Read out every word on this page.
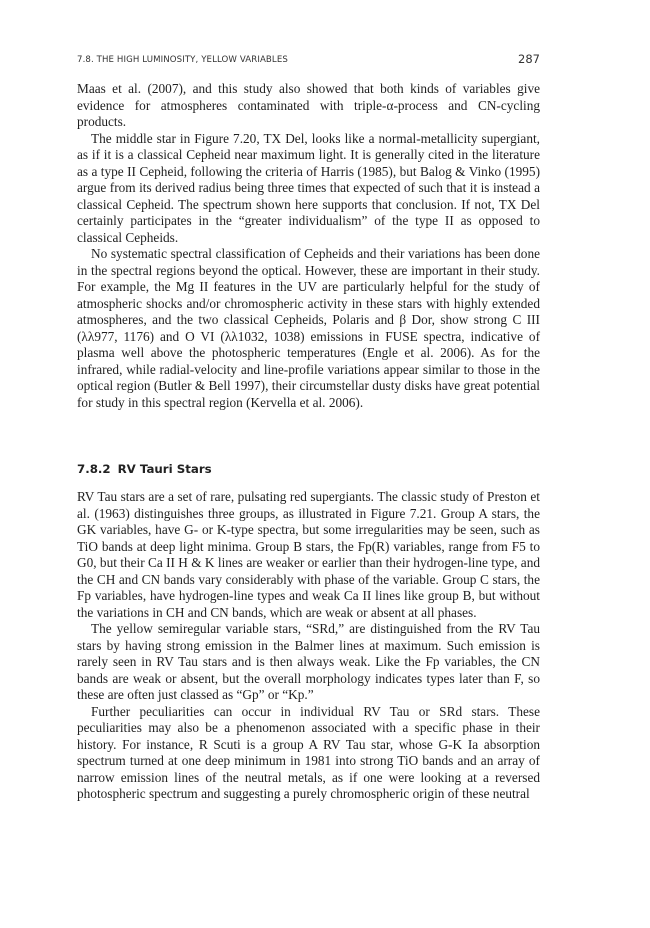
7.8. THE HIGH LUMINOSITY, YELLOW VARIABLES	287

Maas et al. (2007), and this study also showed that both kinds of variables give evidence for atmospheres contaminated with triple-α-process and CN-cycling products.

The middle star in Figure 7.20, TX Del, looks like a normal-metallicity supergiant, as if it is a classical Cepheid near maximum light. It is generally cited in the literature as a type II Cepheid, following the criteria of Harris (1985), but Balog & Vinko (1995) argue from its derived radius being three times that expected of such that it is instead a classical Cepheid. The spectrum shown here supports that conclusion. If not, TX Del certainly participates in the “greater individualism” of the type II as opposed to classical Cepheids.

No systematic spectral classification of Cepheids and their variations has been done in the spectral regions beyond the optical. However, these are important in their study. For example, the Mg II features in the UV are particularly helpful for the study of atmospheric shocks and/or chromospheric activity in these stars with highly extended atmospheres, and the two classical Cepheids, Polaris and β Dor, show strong C III (λλ977, 1176) and O VI (λλ1032, 1038) emissions in FUSE spectra, indicative of plasma well above the photospheric temperatures (Engle et al. 2006). As for the infrared, while radial-velocity and line-profile variations appear similar to those in the optical region (Butler & Bell 1997), their circumstellar dusty disks have great potential for study in this spectral region (Kervella et al. 2006).

7.8.2 RV Tauri Stars

RV Tau stars are a set of rare, pulsating red supergiants. The classic study of Preston et al. (1963) distinguishes three groups, as illustrated in Figure 7.21. Group A stars, the GK variables, have G- or K-type spectra, but some irregularities may be seen, such as TiO bands at deep light minima. Group B stars, the Fp(R) variables, range from F5 to G0, but their Ca II H & K lines are weaker or earlier than their hydrogen-line type, and the CH and CN bands vary considerably with phase of the variable. Group C stars, the Fp variables, have hydrogen-line types and weak Ca II lines like group B, but without the variations in CH and CN bands, which are weak or absent at all phases.

The yellow semiregular variable stars, “SRd,” are distinguished from the RV Tau stars by having strong emission in the Balmer lines at maximum. Such emission is rarely seen in RV Tau stars and is then always weak. Like the Fp variables, the CN bands are weak or absent, but the overall morphology indicates types later than F, so these are often just classed as “Gp” or “Kp.”

Further peculiarities can occur in individual RV Tau or SRd stars. These peculiarities may also be a phenomenon associated with a specific phase in their history. For instance, R Scuti is a group A RV Tau star, whose G-K Ia absorption spectrum turned at one deep minimum in 1981 into strong TiO bands and an array of narrow emission lines of the neutral metals, as if one were looking at a reversed photospheric spectrum and suggesting a purely chromospheric origin of these neutral
